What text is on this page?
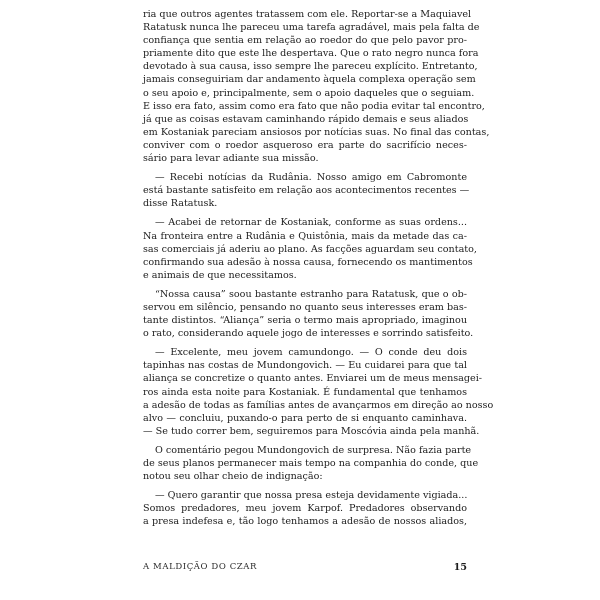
ria que outros agentes tratassem com ele. Reportar-se a Maquiavel
Ratatusk nunca lhe pareceu uma tarefa agradável, mais pela falta de
confiança que sentia em relação ao roedor do que pelo pavor pro-
priamente dito que este lhe despertava. Que o rato negro nunca fora
devotado à sua causa, isso sempre lhe pareceu explícito. Entretanto,
jamais conseguiriam dar andamento àquela complexa operação sem
o seu apoio e, principalmente, sem o apoio daqueles que o seguiam.
E isso era fato, assim como era fato que não podia evitar tal encontro,
já que as coisas estavam caminhando rápido demais e seus aliados
em Kostaniak pareciam ansiosos por notícias suas. No final das contas,
conviver com o roedor asqueroso era parte do sacrifício neces-
sário para levar adiante sua missão.
— Recebi notícias da Rudânia. Nosso amigo em Cabromonte
está bastante satisfeito em relação aos acontecimentos recentes —
disse Ratatusk.
— Acabei de retornar de Kostaniak, conforme as suas ordens...
Na fronteira entre a Rudânia e Quistônia, mais da metade das ca-
sas comerciais já aderiu ao plano. As facções aguardam seu contato,
confirmando sua adesão à nossa causa, fornecendo os mantimentos
e animais de que necessitamos.
“Nossa causa” soou bastante estranho para Ratatusk, que o ob-
servou em silêncio, pensando no quanto seus interesses eram bas-
tante distintos. “Aliança” seria o termo mais apropriado, imaginou
o rato, considerando aquele jogo de interesses e sorrindo satisfeito.
— Excelente, meu jovem camundongo. — O conde deu dois
tapinhas nas costas de Mundongovich. — Eu cuidarei para que tal
aliança se concretize o quanto antes. Enviarei um de meus mensagei-
ros ainda esta noite para Kostaniak. É fundamental que tenhamos
a adesão de todas as famílias antes de avançarmos em direção ao nosso
alvo — concluiu, puxando-o para perto de si enquanto caminhava.
— Se tudo correr bem, seguiremos para Moscóvia ainda pela manhã.
O comentário pegou Mundongovich de surpresa. Não fazia parte
de seus planos permanecer mais tempo na companhia do conde, que
notou seu olhar cheio de indignação:
— Quero garantir que nossa presa esteja devidamente vigiada...
Somos predadores, meu jovem Karpof. Predadores observando
a presa indefesa e, tão logo tenhamos a adesão de nossos aliados,
A MALDIÇÃO DO CZAR	15
